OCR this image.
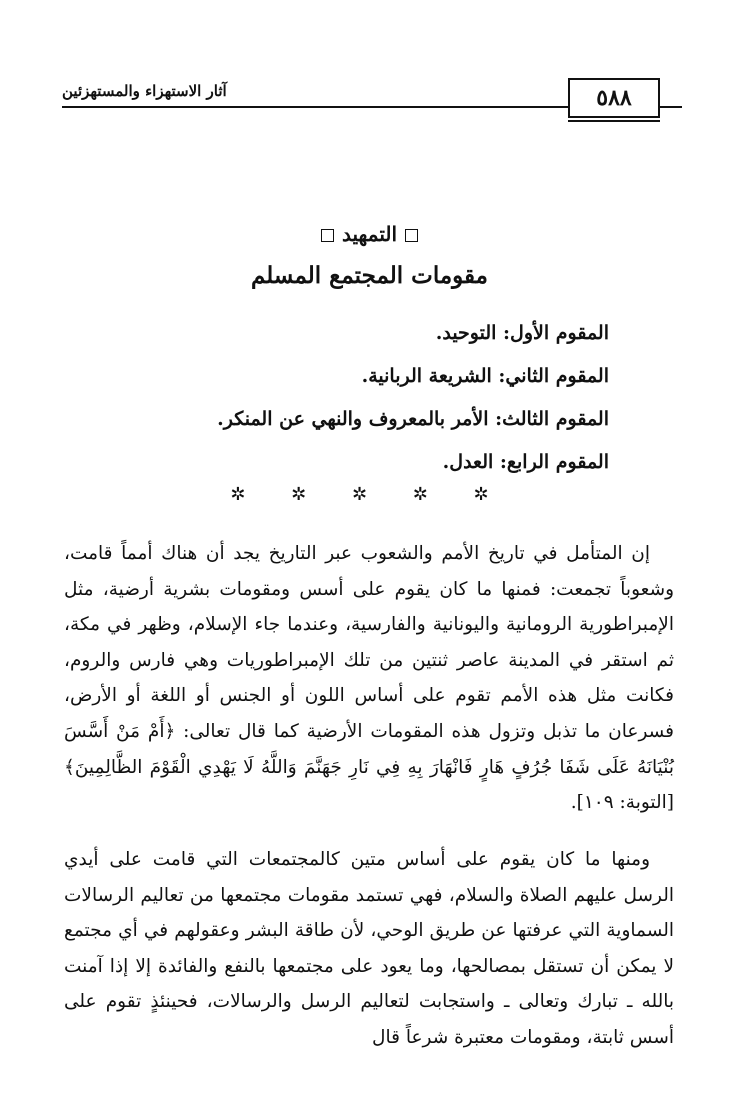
آثار الاستهزاء والمستهزئين	٥٨٨
التمهيد
مقومات المجتمع المسلم
المقوم الأول: التوحيد.
المقوم الثاني: الشريعة الربانية.
المقوم الثالث: الأمر بالمعروف والنهي عن المنكر.
المقوم الرابع: العدل.
✲ ✲ ✲ ✲ ✲
إن المتأمل في تاريخ الأمم والشعوب عبر التاريخ يجد أن هناك أمماً قامت، وشعوباً تجمعت: فمنها ما كان يقوم على أسس ومقومات بشرية أرضية، مثل الإمبراطورية الرومانية واليونانية والفارسية، وعندما جاء الإسلام، وظهر في مكة، ثم استقر في المدينة عاصر ثنتين من تلك الإمبراطوريات وهي فارس والروم، فكانت مثل هذه الأمم تقوم على أساس اللون أو الجنس أو اللغة أو الأرض، فسرعان ما تذبل وتزول هذه المقومات الأرضية كما قال تعالى: ﴿أَمْ مَنْ أَسَّسَ بُنْيَانَهُ عَلَى شَفَا جُرُفٍ هَارٍ فَانْهَارَ بِهِ فِي نَارِ جَهَنَّمَ وَاللَّهُ لَا يَهْدِي الْقَوْمَ الظَّالِمِينَ﴾ [التوبة: ١٠٩].
ومنها ما كان يقوم على أساس متين كالمجتمعات التي قامت على أيدي الرسل عليهم الصلاة والسلام، فهي تستمد مقومات مجتمعها من تعاليم الرسالات السماوية التي عرفتها عن طريق الوحي، لأن طاقة البشر وعقولهم في أي مجتمع لا يمكن أن تستقل بمصالحها، وما يعود على مجتمعها بالنفع والفائدة إلا إذا آمنت بالله ـ تبارك وتعالى ـ واستجابت لتعاليم الرسل والرسالات، فحينئذٍ تقوم على أسس ثابتة، ومقومات معتبرة شرعاً قال
